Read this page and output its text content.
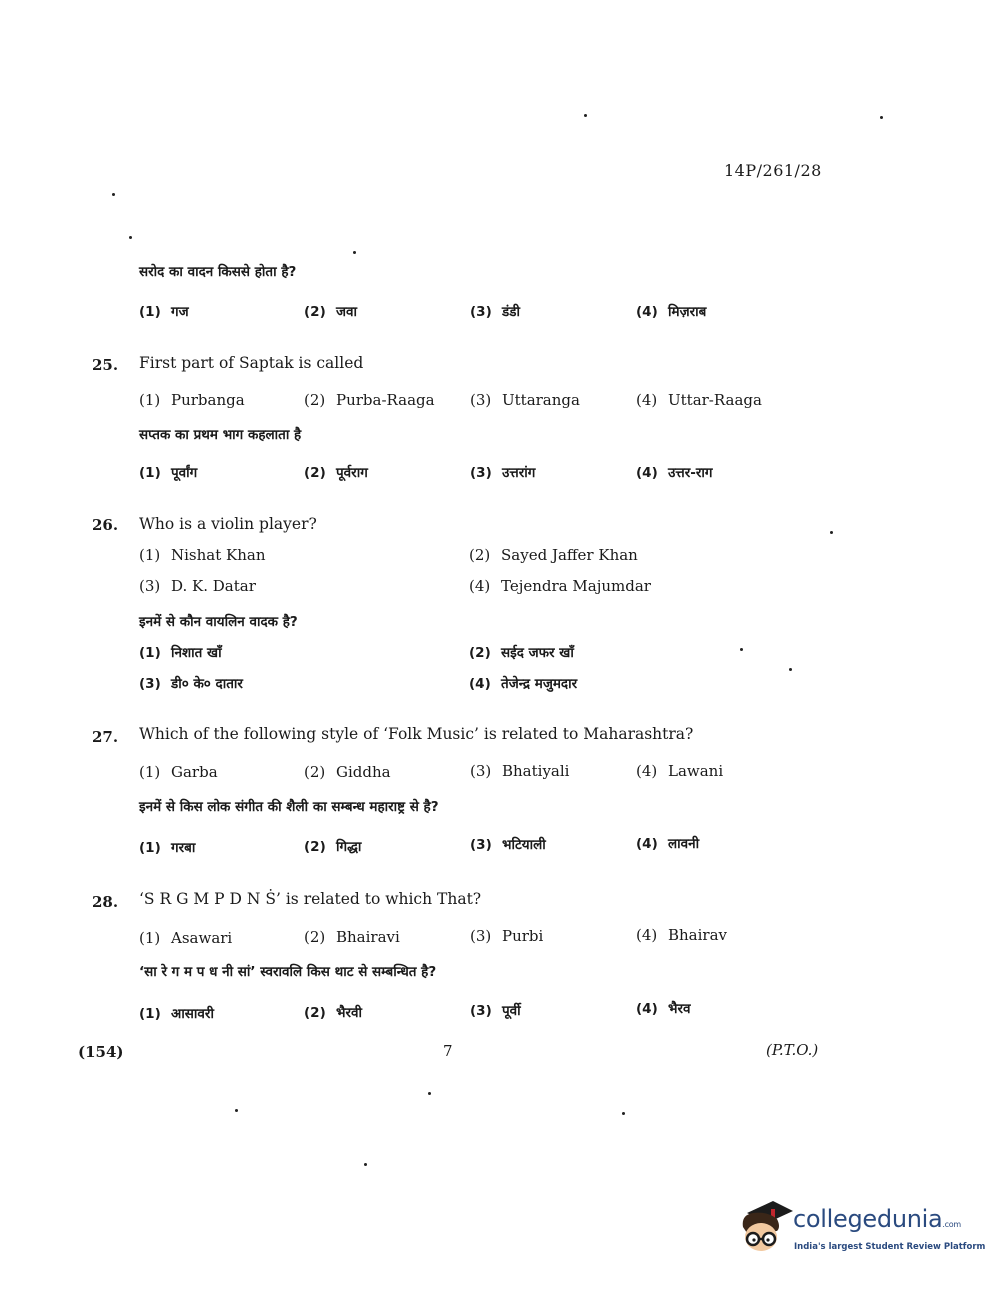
14P/261/28
सरोद का वादन किससे होता है?
(1) गज	(2) जवा	(3) डंडी	(4) मिज़राब
25. First part of Saptak is called
(1) Purbanga	(2) Purba-Raaga (3) Uttaranga	(4) Uttar-Raaga
सप्तक का प्रथम भाग कहलाता है
(1) पूर्वांग	(2) पूर्वराग	(3) उत्तरांग	(4) उत्तर-राग
26. Who is a violin player?
(1) Nishat Khan	(2) Sayed Jaffer Khan
(3) D. K. Datar	(4) Tejendra Majumdar
इनमें से कौन वायलिन वादक है?
(1) निशात खाँ	(2) सईद जफर खाँ
(3) डी० के० दातार	(4) तेजेन्द्र मजुमदार
27. Which of the following style of ‘Folk Music’ is related to Maharashtra?
(1) Garba	(2) Giddha	(3) Bhatiyali	(4) Lawani
इनमें से किस लोक संगीत की शैली का सम्बन्ध महाराष्ट्र से है?
(1) गरबा	(2) गिद्धा	(3) भटियाली	(4) लावनी
28. ‘S R G M P D N Ṡ’ is related to which That?
(1) Asawari	(2) Bhairavi	(3) Purbi	(4) Bhairav
‘सा रे ग म प ध नी सां’ स्वरावलि किस थाट से सम्बन्धित है?
(1) आसावरी	(2) भैरवी	(3) पूर्वी	(4) भैरव
(154)	7	(P.T.O.)
collegedunia.com
India's largest Student Review Platform
